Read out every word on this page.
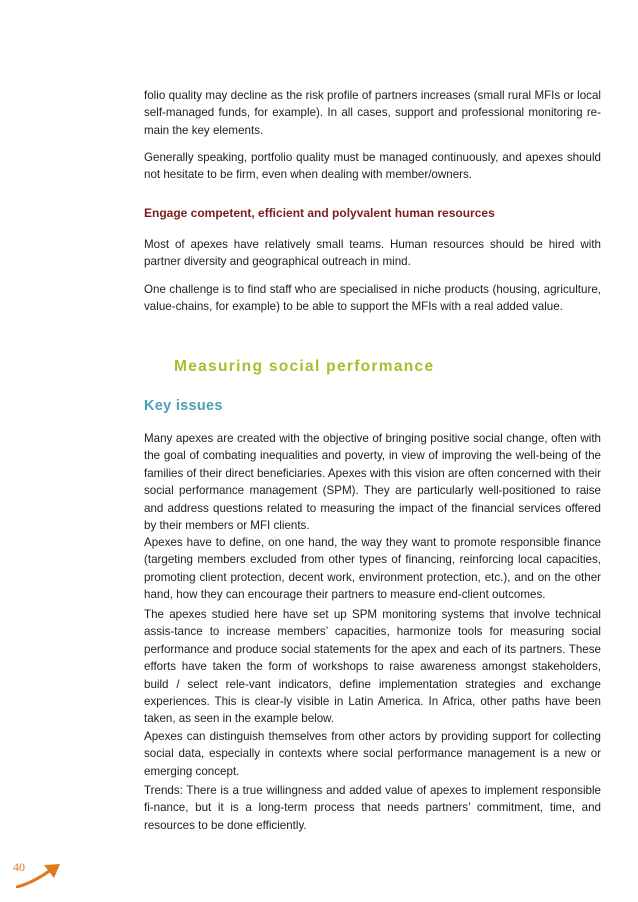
folio quality may decline as the risk profile of partners increases (small rural MFIs or local self-managed funds, for example). In all cases, support and professional monitoring re-main the key elements.

Generally speaking, portfolio quality must be managed continuously, and apexes should not hesitate to be firm, even when dealing with member/owners.

Engage competent, efficient and polyvalent human resources

Most of apexes have relatively small teams. Human resources should be hired with partner diversity and geographical outreach in mind.

One challenge is to find staff who are specialised in niche products (housing, agriculture, value-chains, for example) to be able to support the MFIs with a real added value.

Measuring social performance
Key issues

Many apexes are created with the objective of bringing positive social change, often with the goal of combating inequalities and poverty, in view of improving the well-being of the families of their direct beneficiaries. Apexes with this vision are often concerned with their social performance management (SPM). They are particularly well-positioned to raise and address questions related to measuring the impact of the financial services offered by their members or MFI clients.

Apexes have to define, on one hand, the way they want to promote responsible finance (targeting members excluded from other types of financing, reinforcing local capacities, promoting client protection, decent work, environment protection, etc.), and on the other hand, how they can encourage their partners to measure end-client outcomes.

The apexes studied here have set up SPM monitoring systems that involve technical assis-tance to increase members’ capacities, harmonize tools for measuring social performance and produce social statements for the apex and each of its partners. These efforts have taken the form of workshops to raise awareness amongst stakeholders, build / select rele-vant indicators, define implementation strategies and exchange experiences. This is clear-ly visible in Latin America. In Africa, other paths have been taken, as seen in the example below.

Apexes can distinguish themselves from other actors by providing support for collecting social data, especially in contexts where social performance management is a new or emerging concept.

Trends: There is a true willingness and added value of apexes to implement responsible fi-nance, but it is a long-term process that needs partners’ commitment, time, and resources to be done efficiently.

40
